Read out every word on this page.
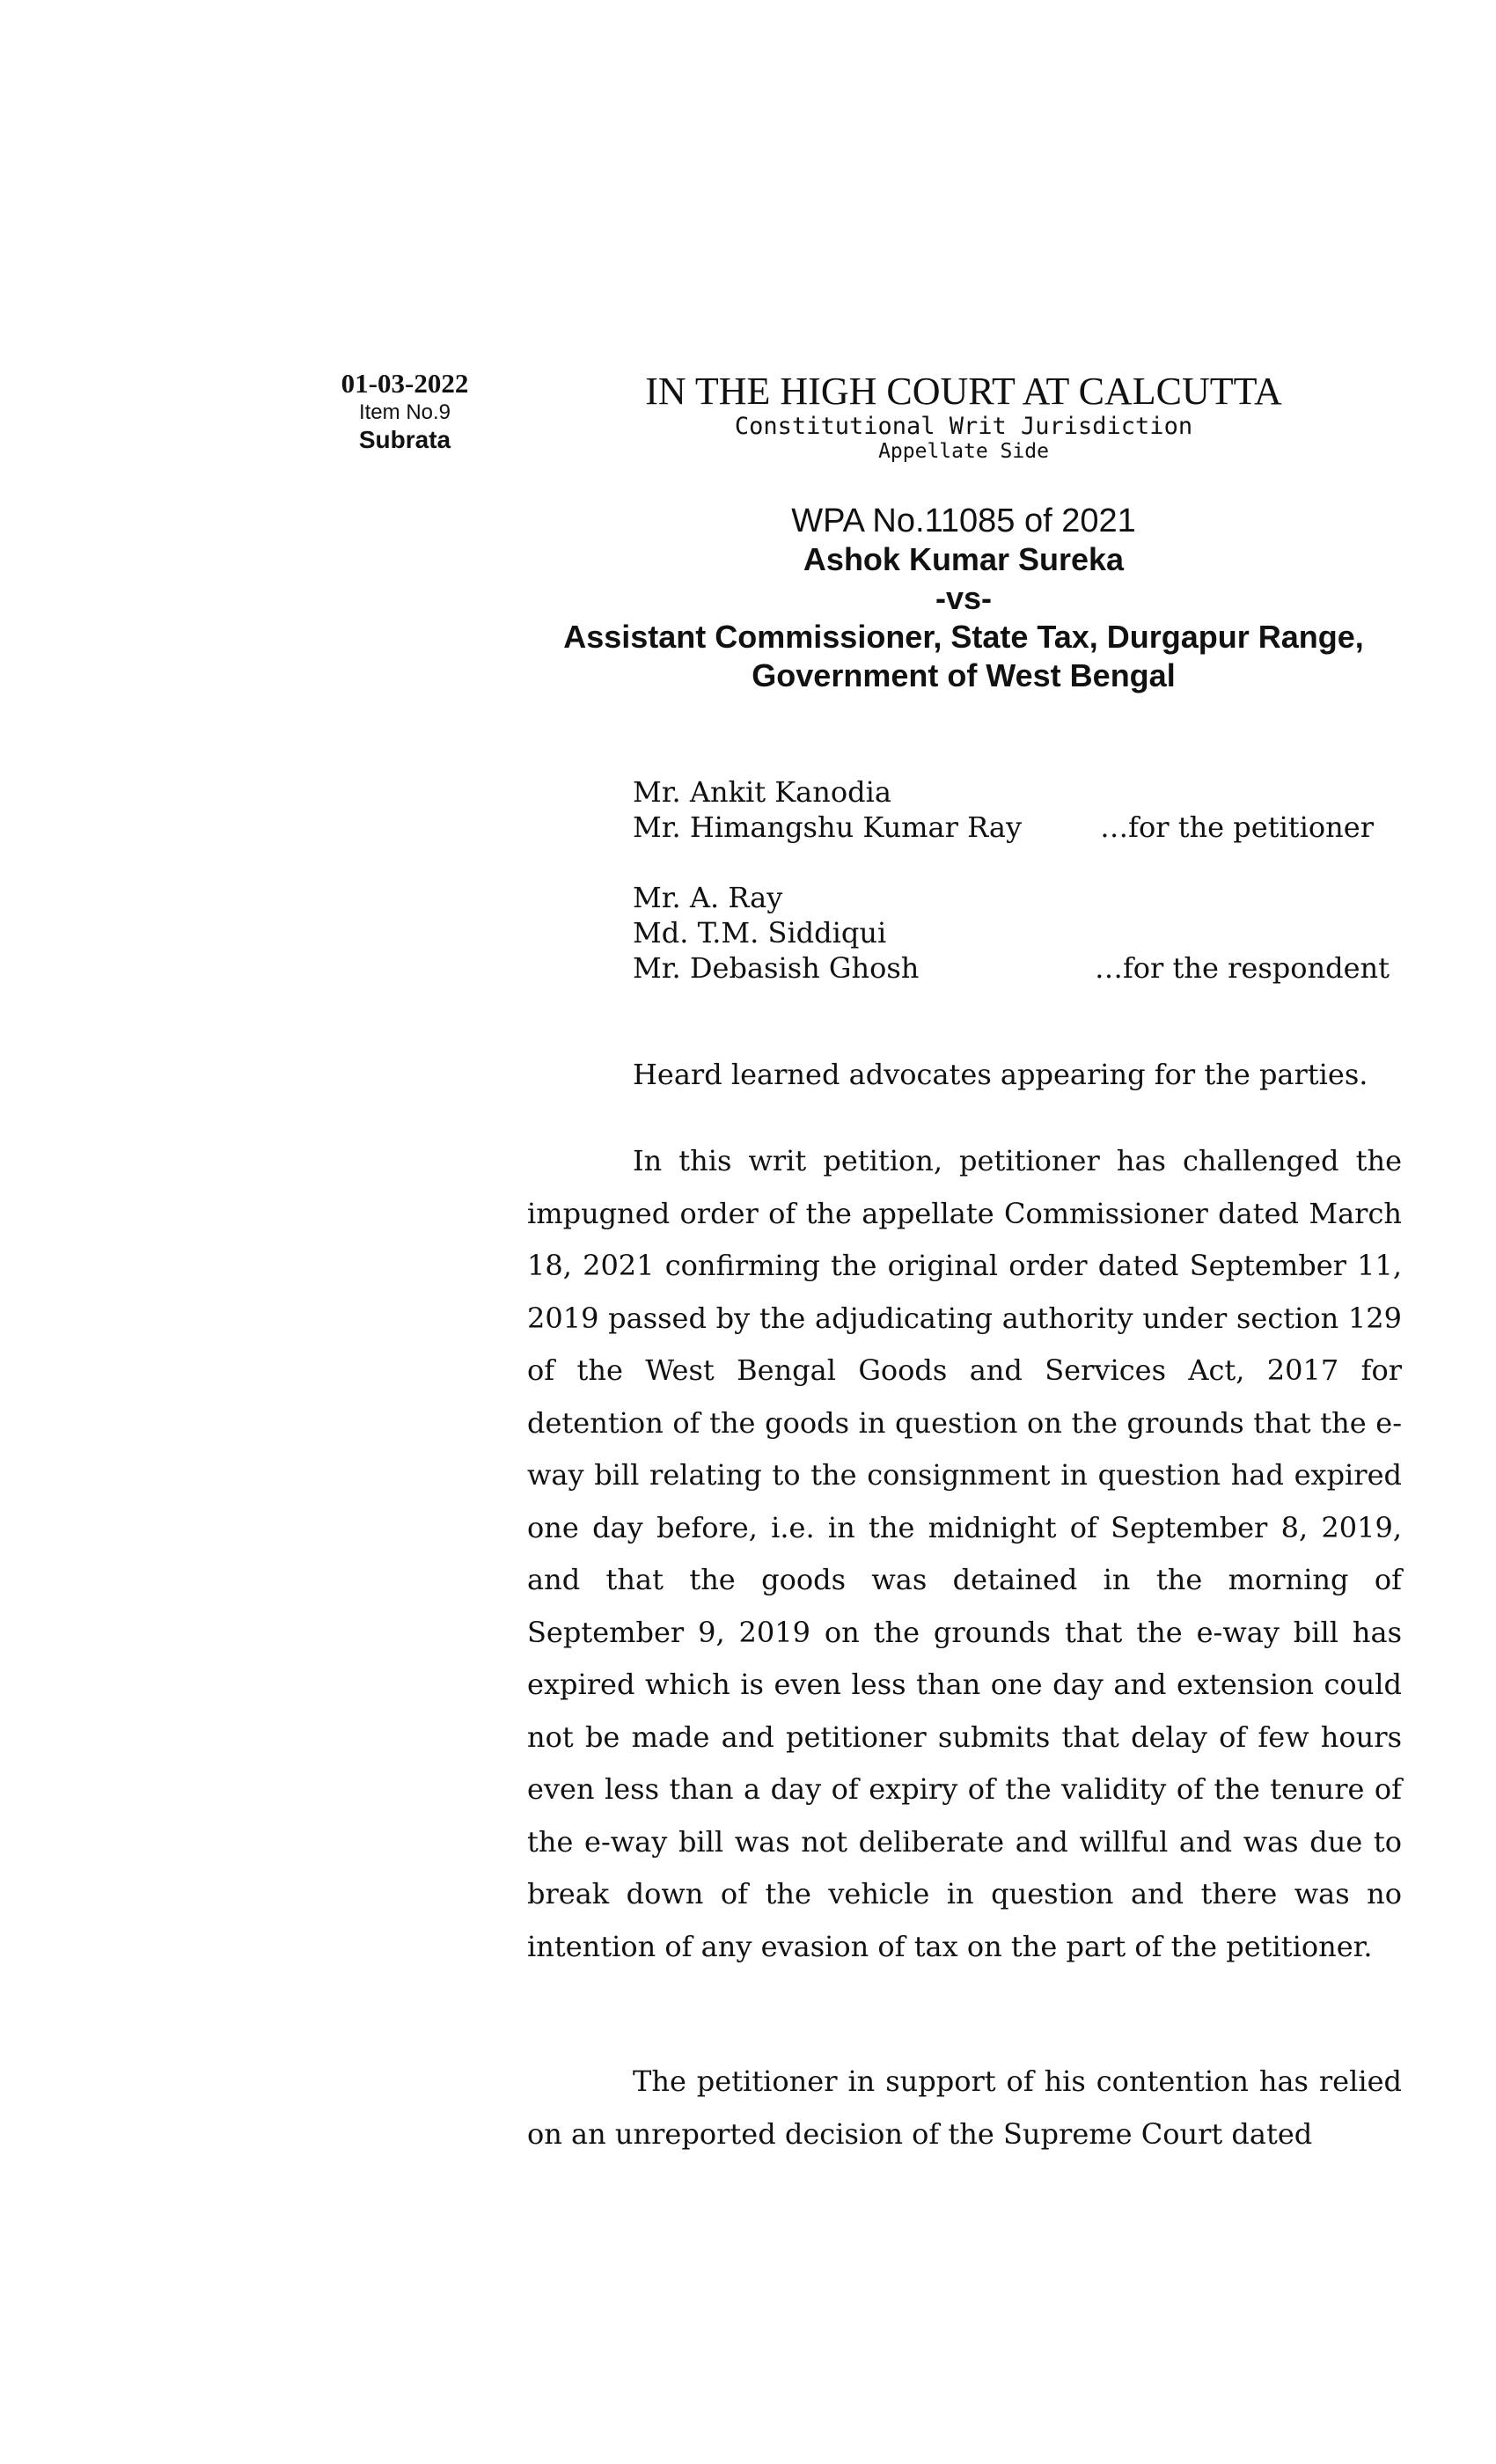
01-03-2022
Item No.9
Subrata
IN THE HIGH COURT AT CALCUTTA
Constitutional Writ Jurisdiction
Appellate Side
WPA No.11085 of 2021
Ashok Kumar Sureka
-vs-
Assistant Commissioner, State Tax, Durgapur Range,
Government of West Bengal
Mr. Ankit Kanodia
Mr. Himangshu Kumar Ray	…for the petitioner
Mr. A. Ray
Md. T.M. Siddiqui
Mr. Debasish Ghosh	…for the respondent

Heard learned advocates appearing for the parties.

In this writ petition, petitioner has challenged the impugned order of the appellate Commissioner dated March 18, 2021 confirming the original order dated September 11, 2019 passed by the adjudicating authority under section 129 of the West Bengal Goods and Services Act, 2017 for detention of the goods in question on the grounds that the e-way bill relating to the consignment in question had expired one day before, i.e. in the midnight of September 8, 2019, and that the goods was detained in the morning of September 9, 2019 on the grounds that the e-way bill has expired which is even less than one day and extension could not be made and petitioner submits that delay of few hours even less than a day of expiry of the validity of the tenure of the e-way bill was not deliberate and willful and was due to break down of the vehicle in question and there was no intention of any evasion of tax on the part of the petitioner.

The petitioner in support of his contention has relied on an unreported decision of the Supreme Court dated
